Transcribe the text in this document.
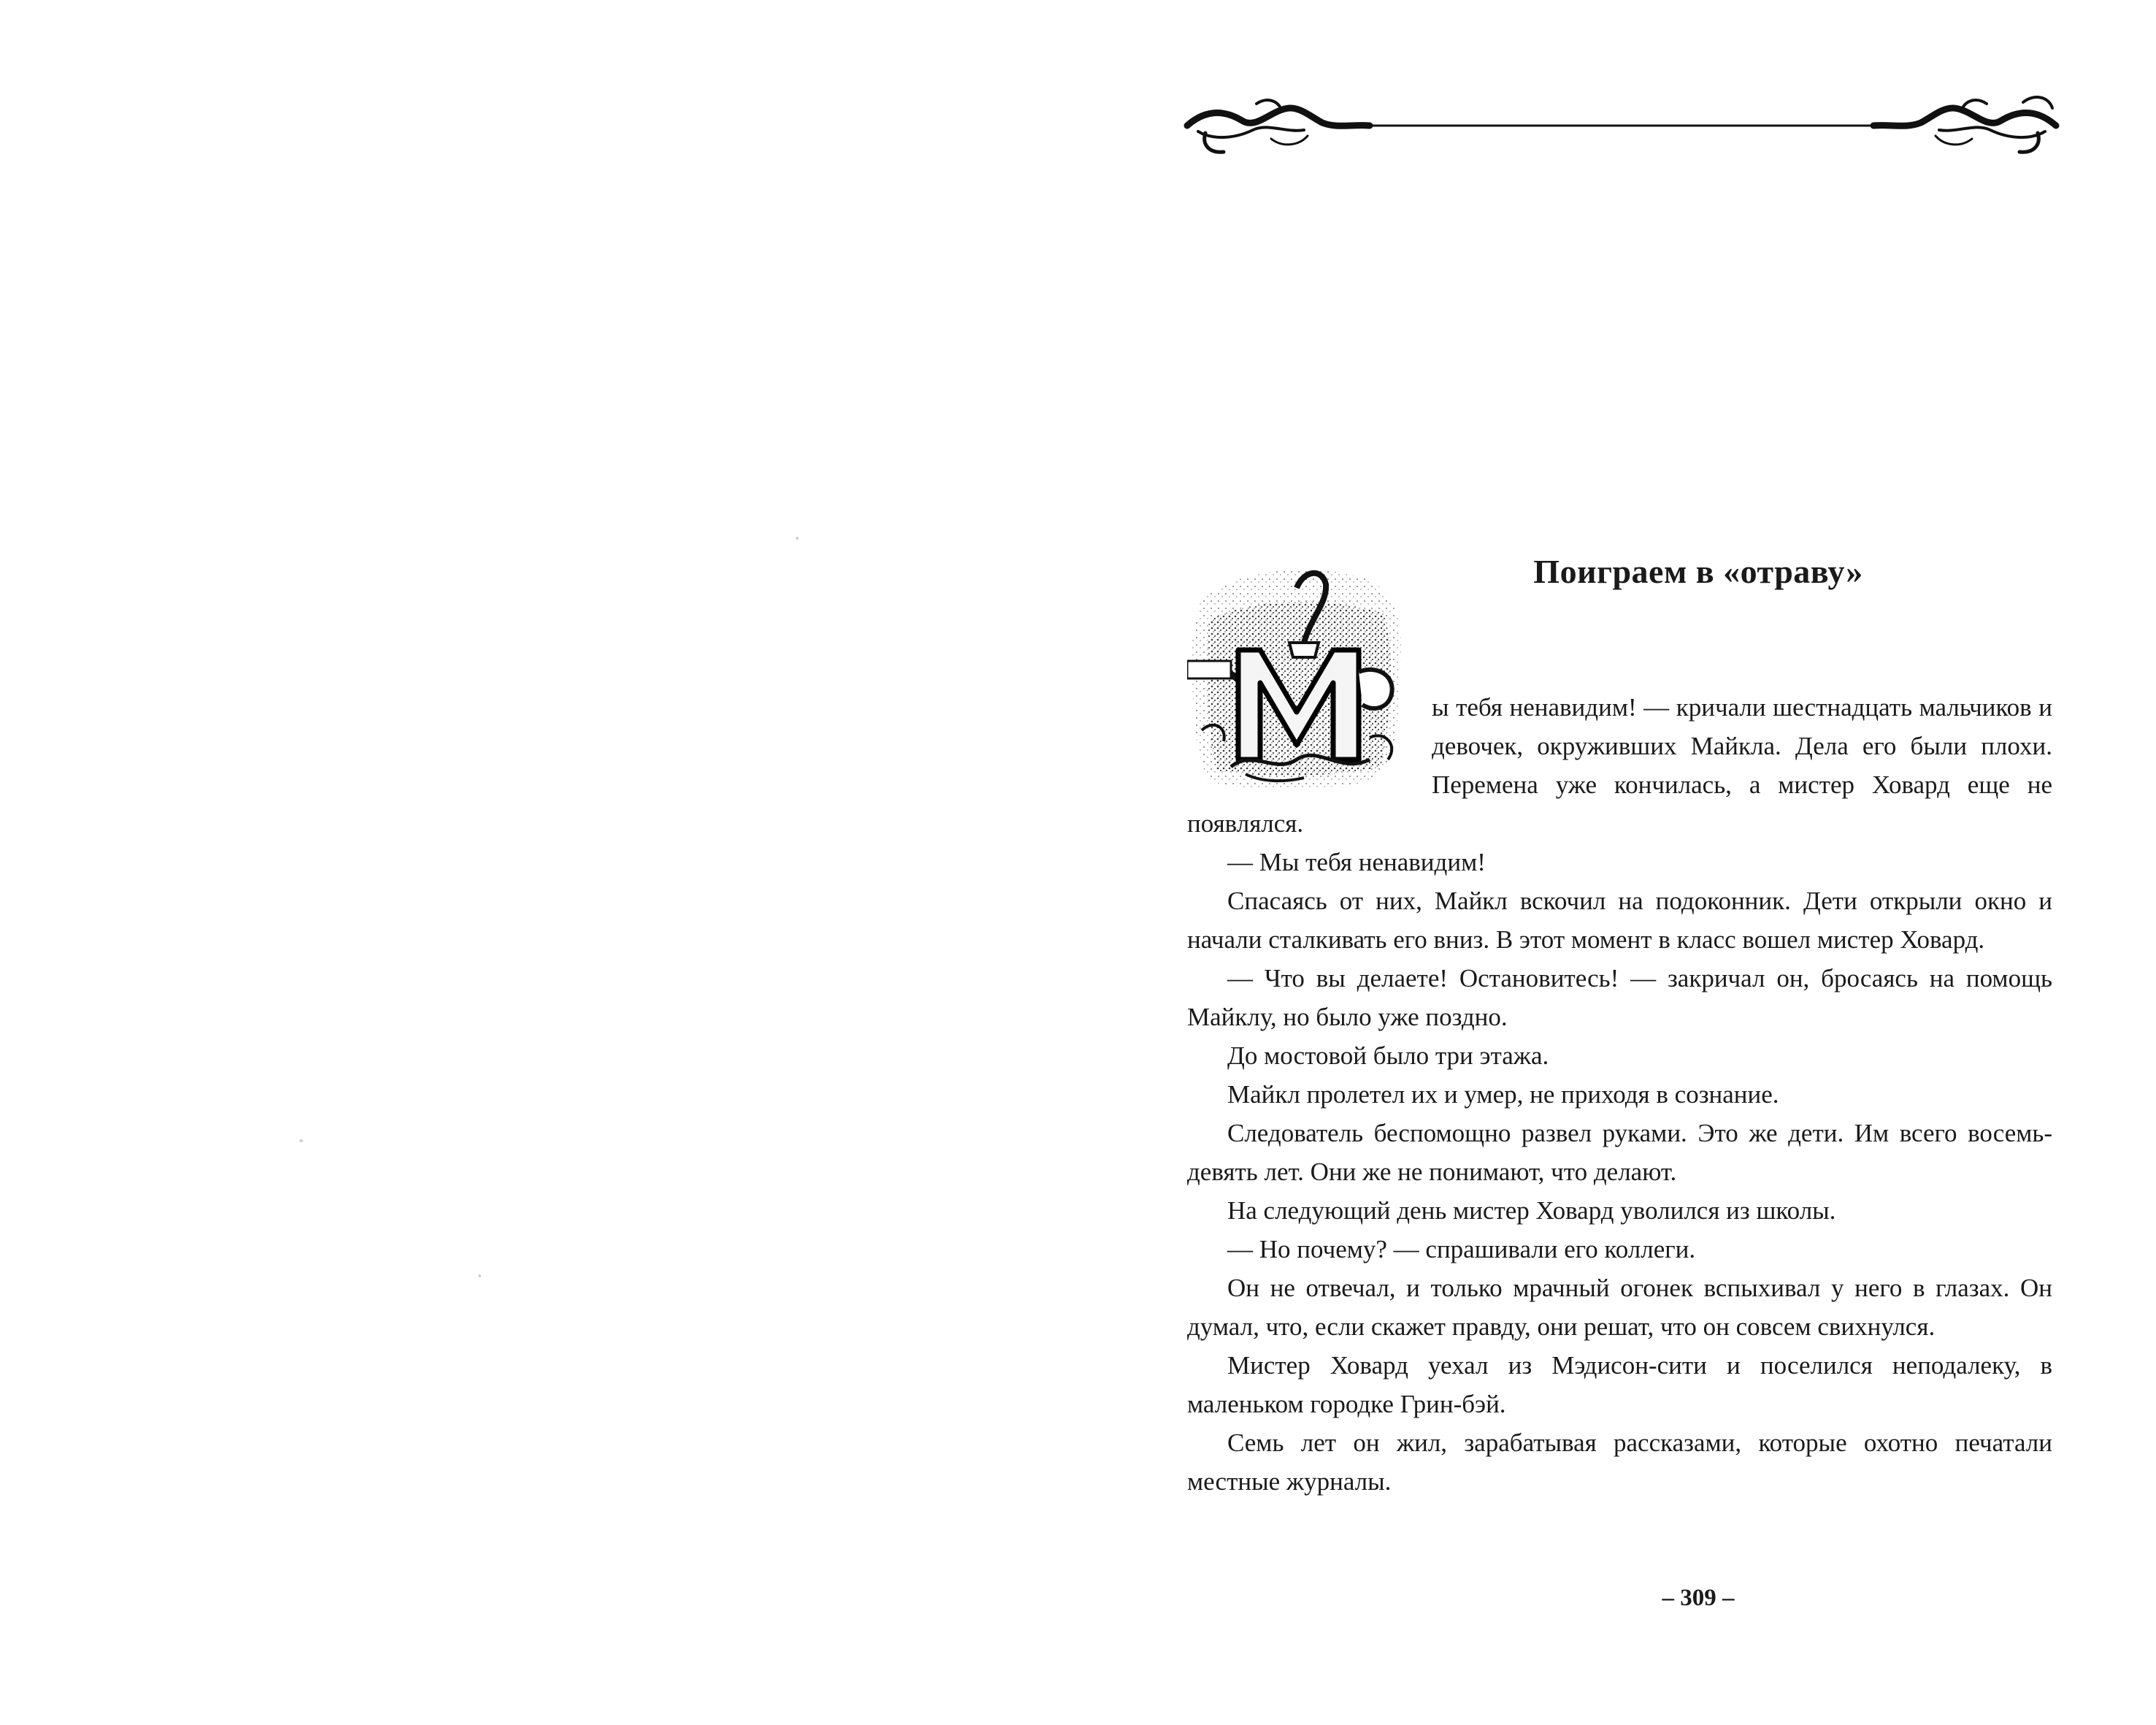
Поиграем в «отраву»

ы тебя ненавидим! — кричали шестнадцать мальчиков и девочек, окруживших Майкла. Дела его были плохи. Перемена уже кончилась, а мистер Ховард еще не появлялся.

— Мы тебя ненавидим!

Спасаясь от них, Майкл вскочил на подоконник. Дети открыли окно и начали сталкивать его вниз. В этот момент в класс вошел мистер Ховард.

— Что вы делаете! Остановитесь! — закричал он, бросаясь на помощь Майклу, но было уже поздно.

До мостовой было три этажа.

Майкл пролетел их и умер, не приходя в сознание.

Следователь беспомощно развел руками. Это же дети. Им всего восемь-девять лет. Они же не понимают, что делают.

На следующий день мистер Ховард уволился из школы.

— Но почему? — спрашивали его коллеги.

Он не отвечал, и только мрачный огонек вспыхивал у него в глазах. Он думал, что, если скажет правду, они решат, что он совсем свихнулся.

Мистер Ховард уехал из Мэдисон-сити и поселился неподалеку, в маленьком городке Грин-бэй.

Семь лет он жил, зарабатывая рассказами, которые охотно печатали местные журналы.

– 309 –
